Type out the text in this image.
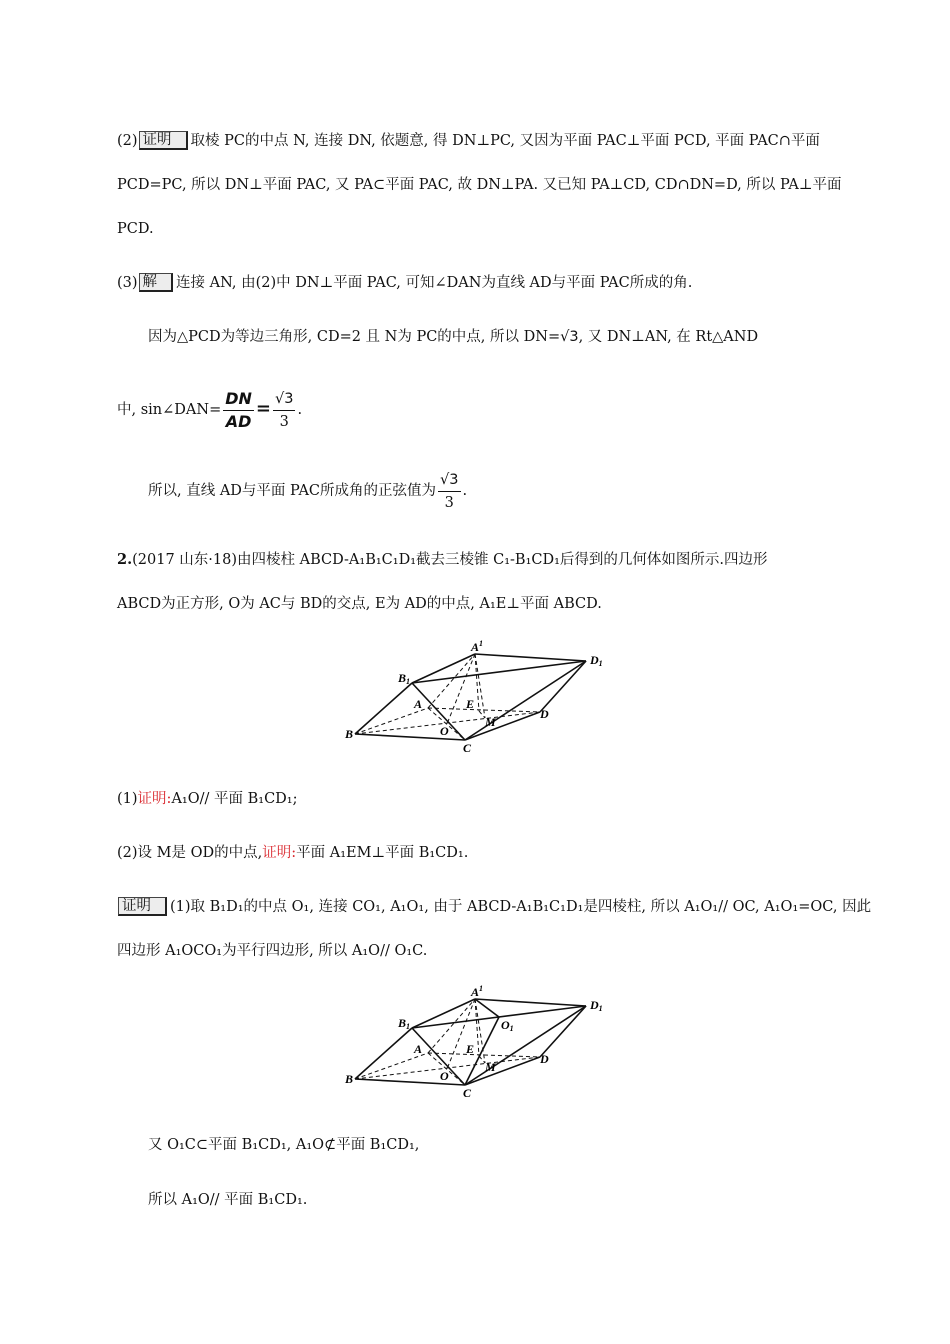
(2) 证明 取棱 PC的中点 N, 连接 DN, 依题意, 得 DN⊥PC, 又因为平面 PAC⊥平面 PCD, 平面 PAC∩平面
PCD=PC, 所以 DN⊥平面 PAC, 又 PA⊂平面 PAC, 故 DN⊥PA. 又已知 PA⊥CD, CD∩DN=D, 所以 PA⊥平面
PCD.
(3) 解 连接 AN, 由(2)中 DN⊥平面 PAC, 可知∠DAN为直线 AD与平面 PAC所成的角.
因为△PCD为等边三角形, CD=2 且 N为 PC的中点, 所以 DN=√3, 又 DN⊥AN, 在 Rt△AND
中, sin∠DAN= $\frac{DN}{AD} = \frac{√3}{3}$ .
所以, 直线 AD与平面 PAC所成角的正弦值为 $\frac{√3}{3}$ .
2.(2017 山东·18)由四棱柱 ABCD-A₁B₁C₁D₁截去三棱锥 C₁-B₁CD₁后得到的几何体如图所示.四边形
ABCD为正方形, O为 AC与 BD的交点, E为 AD的中点, A₁E⊥平面 ABCD.
$A^1$
D1
B1
A	E
D
M
O
B
C
(1)证明:A₁O// 平面 B₁CD₁;
(2)设 M是 OD的中点,证明:平面 A₁EM⊥平面 B₁CD₁.
证明 (1)取 B₁D₁的中点 O₁, 连接 CO₁, A₁O₁, 由于 ABCD-A₁B₁C₁D₁是四棱柱, 所以 A₁O₁// OC, A₁O₁=OC, 因此
四边形 A₁OCO₁为平行四边形, 所以 A₁O// O₁C.
$A^1$
D1
B1	O1
A	E
D
M
O
B
C
又 O₁C⊂平面 B₁CD₁, A₁O⊄平面 B₁CD₁,
所以 A₁O// 平面 B₁CD₁.
